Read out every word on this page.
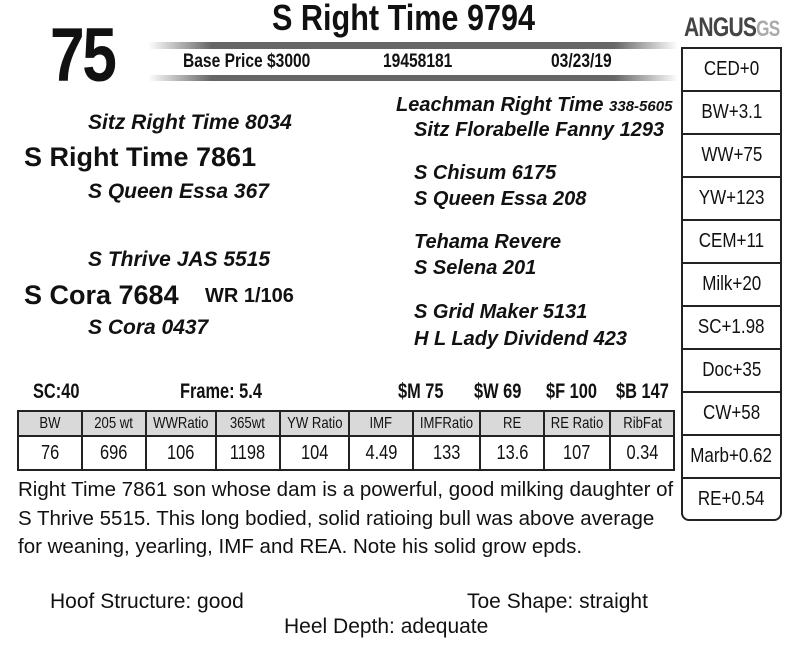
75	S Right Time 9794	ANGUSGS
Base Price $3000	19458181	03/23/19
Sitz Right Time 8034
S Right Time 7861
S Queen Essa 367
S Thrive JAS 5515
S Cora 7684 WR 1/106
S Cora 0437
Leachman Right Time 338-5605
Sitz Florabelle Fanny 1293
S Chisum 6175
S Queen Essa 208
Tehama Revere
S Selena 201
S Grid Maker 5131
H L Lady Dividend 423
CED+0
BW+3.1
WW+75
YW+123
CEM+11
Milk+20
SC+1.98
Doc+35
CW+58
Marb+0.62
RE+0.54
SC:40	Frame: 5.4	$M 75 $W 69 $F 100 $B 147
BW	205 wt	WWRatio	365wt	YW Ratio	IMF	IMFRatio	RE	RE Ratio	RibFat
76	696	106	1198	104	4.49	133	13.6	107	0.34
Right Time 7861 son whose dam is a powerful, good milking daughter of S Thrive 5515. This long bodied, solid ratioing bull was above average for weaning, yearling, IMF and REA. Note his solid grow epds.
Hoof Structure: good	Toe Shape: straight
Heel Depth: adequate
